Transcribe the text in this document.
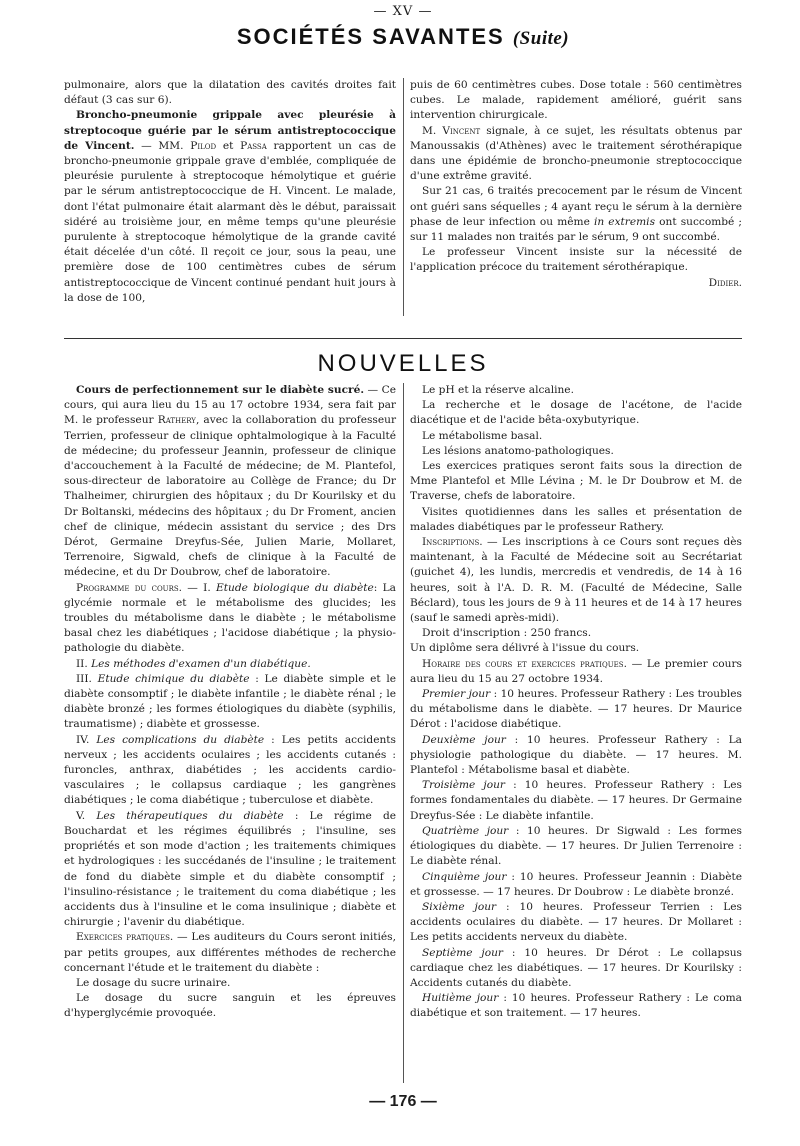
— XV —
SOCIÉTÉS SAVANTES (Suite)

pulmonaire, alors que la dilatation des cavités droites fait défaut (3 cas sur 6).

Broncho-pneumonie grippale avec pleurésie à streptocoque guérie par le sérum antistreptococcique de Vincent. — MM. Pilod et Passa rapportent un cas de broncho-pneumonie grippale grave d'emblée, compliquée de pleurésie purulente à streptocoque hémolytique et guérie par le sérum antistreptococcique de H. Vincent. Le malade, dont l'état pulmonaire était alarmant dès le début, paraissait sidéré au troisième jour, en même temps qu'une pleurésie purulente à streptocoque hémolytique de la grande cavité était décelée d'un côté. Il reçoit ce jour, sous la peau, une première dose de 100 centimètres cubes de sérum antistreptococcique de Vincent continué pendant huit jours à la dose de 100,

puis de 60 centimètres cubes. Dose totale : 560 centimètres cubes. Le malade, rapidement amélioré, guérit sans intervention chirurgicale.

M. Vincent signale, à ce sujet, les résultats obtenus par Manoussakis (d'Athènes) avec le traitement sérothérapique dans une épidémie de broncho-pneumonie streptococcique d'une extrême gravité.

Sur 21 cas, 6 traités precocement par le résum de Vincent ont guéri sans séquelles ; 4 ayant reçu le sérum à la dernière phase de leur infection ou même in extremis ont succombé ; sur 11 malades non traités par le sérum, 9 ont succombé.

Le professeur Vincent insiste sur la nécessité de l'application précoce du traitement sérothérapique.

Didier.

NOUVELLES

Cours de perfectionnement sur le diabète sucré. — Ce cours, qui aura lieu du 15 au 17 octobre 1934, sera fait par M. le professeur Rathery, avec la collaboration du professeur Terrien, professeur de clinique ophtalmologique à la Faculté de médecine; du professeur Jeannin, professeur de clinique d'accouchement à la Faculté de médecine; de M. Plantefol, sous-directeur de laboratoire au Collège de France; du Dr Thalheimer, chirurgien des hôpitaux ; du Dr Kourilsky et du Dr Boltanski, médecins des hôpitaux ; du Dr Froment, ancien chef de clinique, médecin assistant du service ; des Drs Dérot, Germaine Dreyfus-Sée, Julien Marie, Mollaret, Terrenoire, Sigwald, chefs de clinique à la Faculté de médecine, et du Dr Doubrow, chef de laboratoire.

Programme du cours. — I. Etude biologique du diabète: La glycémie normale et le métabolisme des glucides; les troubles du métabolisme dans le diabète ; le métabolisme basal chez les diabétiques ; l'acidose diabétique ; la physio-pathologie du diabète.

II. Les méthodes d'examen d'un diabétique.

III. Etude chimique du diabète : Le diabète simple et le diabète consomptif ; le diabète infantile ; le diabète rénal ; le diabète bronzé ; les formes étiologiques du diabète (syphilis, traumatisme) ; diabète et grossesse.

IV. Les complications du diabète : Les petits accidents nerveux ; les accidents oculaires ; les accidents cutanés : furoncles, anthrax, diabétides ; les accidents cardio-vasculaires ; le collapsus cardiaque ; les gangrènes diabétiques ; le coma diabétique ; tuberculose et diabète.

V. Les thérapeutiques du diabète : Le régime de Bouchardat et les régimes équilibrés ; l'insuline, ses propriétés et son mode d'action ; les traitements chimiques et hydrologiques : les succédanés de l'insuline ; le traitement de fond du diabète simple et du diabète consomptif ; l'insulino-résistance ; le traitement du coma diabétique ; les accidents dus à l'insuline et le coma insulinique ; diabète et chirurgie ; l'avenir du diabétique.

Exercices pratiques. — Les auditeurs du Cours seront initiés, par petits groupes, aux différentes méthodes de recherche concernant l'étude et le traitement du diabète :

Le dosage du sucre urinaire.

Le dosage du sucre sanguin et les épreuves d'hyperglycémie provoquée.

Le pH et la réserve alcaline.

La recherche et le dosage de l'acétone, de l'acide diacétique et de l'acide bêta-oxybutyrique.

Le métabolisme basal.

Les lésions anatomo-pathologiques.

Les exercices pratiques seront faits sous la direction de Mme Plantefol et Mlle Lévina ; M. le Dr Doubrow et M. de Traverse, chefs de laboratoire.

Visites quotidiennes dans les salles et présentation de malades diabétiques par le professeur Rathery.

Inscriptions. — Les inscriptions à ce Cours sont reçues dès maintenant, à la Faculté de Médecine soit au Secrétariat (guichet 4), les lundis, mercredis et vendredis, de 14 à 16 heures, soit à l'A. D. R. M. (Faculté de Médecine, Salle Béclard), tous les jours de 9 à 11 heures et de 14 à 17 heures (sauf le samedi après-midi).

Droit d'inscription : 250 francs.

Un diplôme sera délivré à l'issue du cours.

Horaire des cours et exercices pratiques. — Le premier cours aura lieu du 15 au 27 octobre 1934.

Premier jour : 10 heures. Professeur Rathery : Les troubles du métabolisme dans le diabète. — 17 heures. Dr Maurice Dérot : l'acidose diabétique.

Deuxième jour : 10 heures. Professeur Rathery : La physiologie pathologique du diabète. — 17 heures. M. Plantefol : Métabolisme basal et diabète.

Troisième jour : 10 heures. Professeur Rathery : Les formes fondamentales du diabète. — 17 heures. Dr Germaine Dreyfus-Sée : Le diabète infantile.

Quatrième jour : 10 heures. Dr Sigwald : Les formes étiologiques du diabète. — 17 heures. Dr Julien Terrenoire : Le diabète rénal.

Cinquième jour : 10 heures. Professeur Jeannin : Diabète et grossesse. — 17 heures. Dr Doubrow : Le diabète bronzé.

Sixième jour : 10 heures. Professeur Terrien : Les accidents oculaires du diabète. — 17 heures. Dr Mollaret : Les petits accidents nerveux du diabète.

Septième jour : 10 heures. Dr Dérot : Le collapsus cardiaque chez les diabétiques. — 17 heures. Dr Kourilsky : Accidents cutanés du diabète.

Huitième jour : 10 heures. Professeur Rathery : Le coma diabétique et son traitement. — 17 heures.

— 176 —
